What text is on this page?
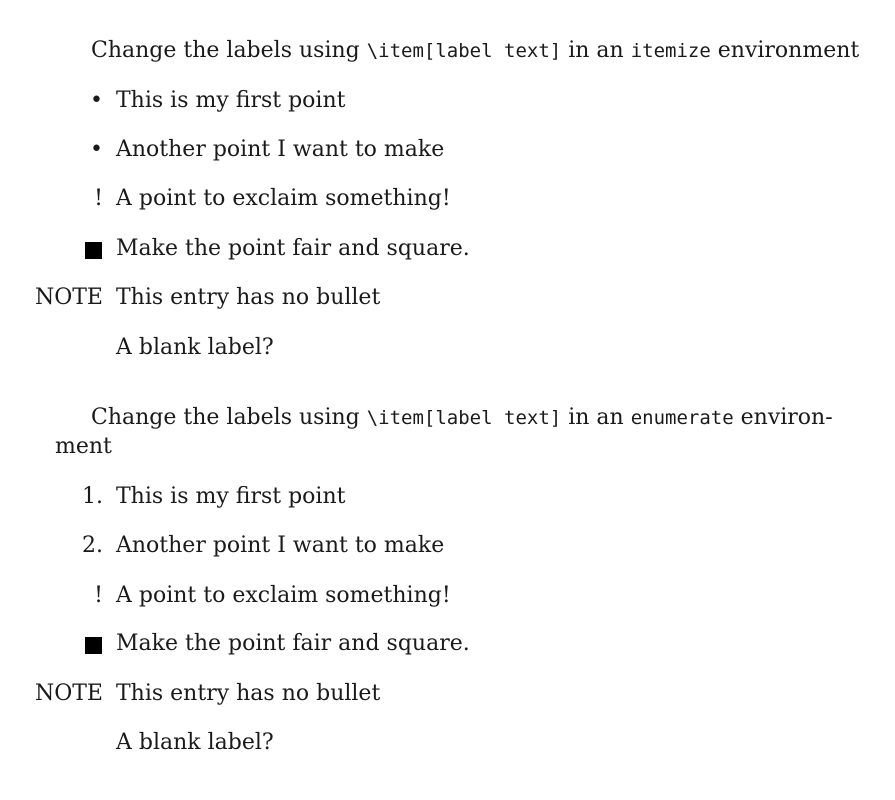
Change the labels using \item[label text] in an itemize environment
• This is my first point
• Another point I want to make
! A point to exclaim something!
Make the point fair and square.
NOTE This entry has no bullet
A blank label?
Change the labels using \item[label text] in an enumerate environ-
ment
1. This is my first point
2. Another point I want to make
! A point to exclaim something!
Make the point fair and square.
NOTE This entry has no bullet
A blank label?
